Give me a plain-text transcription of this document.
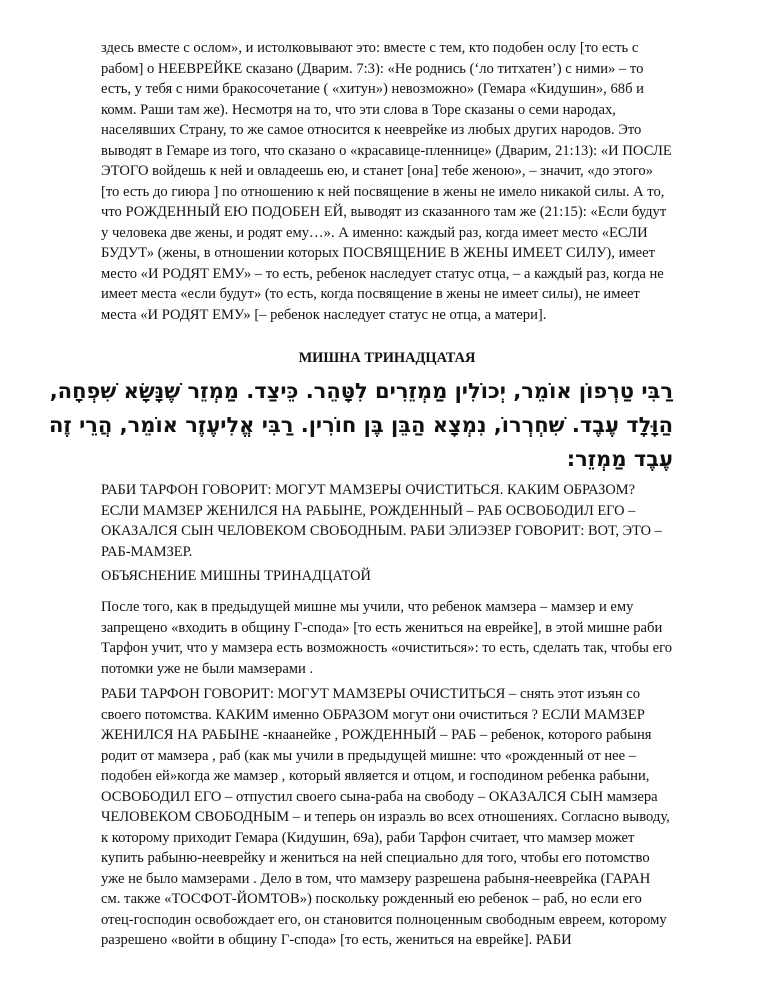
здесь вместе с ослом», и истолковывают это: вместе с тем, кто подобен ослу [то есть с рабом] о НЕЕВРЕЙКЕ сказано (Дварим. 7:3): «Не роднись (‘ло титхатен’) с ними» – то есть, у тебя с ними бракосочетание ( «хитун») невозможно» (Гемара «Кидушин», 68б и комм. Раши там же). Несмотря на то, что эти слова в Торе сказаны о семи народах, населявших Страну, то же самое относится к нееврейке из любых других народов. Это выводят в Гемаре из того, что сказано о «красавице-пленнице» (Дварим, 21:13): «И ПОСЛЕ ЭТОГО войдешь к ней и овладеешь ею, и станет [она] тебе женою», – значит, «до этого» [то есть до гиюра ] по отношению к ней посвящение в жены не имело никакой силы. А то, что РОЖДЕННЫЙ ЕЮ ПОДОБЕН ЕЙ, выводят из сказанного там же (21:15): «Если будут у человека две жены, и родят ему…». А именно: каждый раз, когда имеет место «ЕСЛИ БУДУТ» (жены, в отношении которых ПОСВЯЩЕНИЕ В ЖЕНЫ ИМЕЕТ СИЛУ), имеет место «И РОДЯТ ЕМУ» – то есть, ребенок наследует статус отца, – а каждый раз, когда не имеет места «если будут» (то есть, когда посвящение в жены не имеет силы), не имеет места «И РОДЯТ ЕМУ» [– ребенок наследует статус не отца, а матери].

МИШНА ТРИНАДЦАТАЯ

רַבִּי טַרְפוֹן אוֹמֵר, יְכוֹלִין מַמְזֵרִים לִטָּהֵר. כֵּיצַד. מַמְזֵר שֶׁנָּשָׂא שִׁפְחָה,
הַוָּלָד עֶבֶד. שִׁחְרְרוֹ, נִמְצָא הַבֵּן בֶּן חוֹרִין. רַבִּי אֱלִיעֶזֶר אוֹמֵר, הֲרֵי זֶה
עֶבֶד מַמְזֵר:

РАБИ ТАРФОН ГОВОРИТ: МОГУТ МАМЗЕРЫ ОЧИСТИТЬСЯ. КАКИМ ОБРАЗОМ? ЕСЛИ МАМЗЕР ЖЕНИЛСЯ НА РАБЫНЕ, РОЖДЕННЫЙ – РАБ ОСВОБОДИЛ ЕГО – ОКАЗАЛСЯ СЫН ЧЕЛОВЕКОМ СВОБОДНЫМ. РАБИ ЭЛИЭЗЕР ГОВОРИТ: ВОТ, ЭТО – РАБ-МАМЗЕР.

ОБЪЯСНЕНИЕ МИШНЫ ТРИНАДЦАТОЙ

После того, как в предыдущей мишне мы учили, что ребенок мамзера – мамзер и ему запрещено «входить в общину Г-спода» [то есть жениться на еврейке], в этой мишне раби Тарфон учит, что у мамзера есть возможность «очиститься»: то есть, сделать так, чтобы его потомки уже не были мамзерами .

РАБИ ТАРФОН ГОВОРИТ: МОГУТ МАМЗЕРЫ ОЧИСТИТЬСЯ – снять этот изъян со своего потомства. КАКИМ именно ОБРАЗОМ могут они очиститься ? ЕСЛИ МАМЗЕР ЖЕНИЛСЯ НА РАБЫНЕ -кнаанейке , РОЖДЕННЫЙ – РАБ – ребенок, которого рабыня родит от мамзера , раб (как мы учили в предыдущей мишне: что «рожденный от нее – подобен ей»когда же мамзер , который является и отцом, и господином ребенка рабыни, ОСВОБОДИЛ ЕГО – отпустил своего сына-раба на свободу – ОКАЗАЛСЯ СЫН мамзера ЧЕЛОВЕКОМ СВОБОДНЫМ – и теперь он израэль во всех отношениях. Согласно выводу, к которому приходит Гемара (Кидушин, 69а), раби Тарфон считает, что мамзер может купить рабыню-нееврейку и жениться на ней специально для того, чтобы его потомство уже не было мамзерами . Дело в том, что мамзеру разрешена рабыня-нееврейка (ГАРАН см. также «ТОСФОТ-ЙОМТОВ») поскольку рожденный ею ребенок – раб, но если его отец-господин освобождает его, он становится полноценным свободным евреем, которому разрешено «войти в общину Г-спода» [то есть, жениться на еврейке]. РАБИ
